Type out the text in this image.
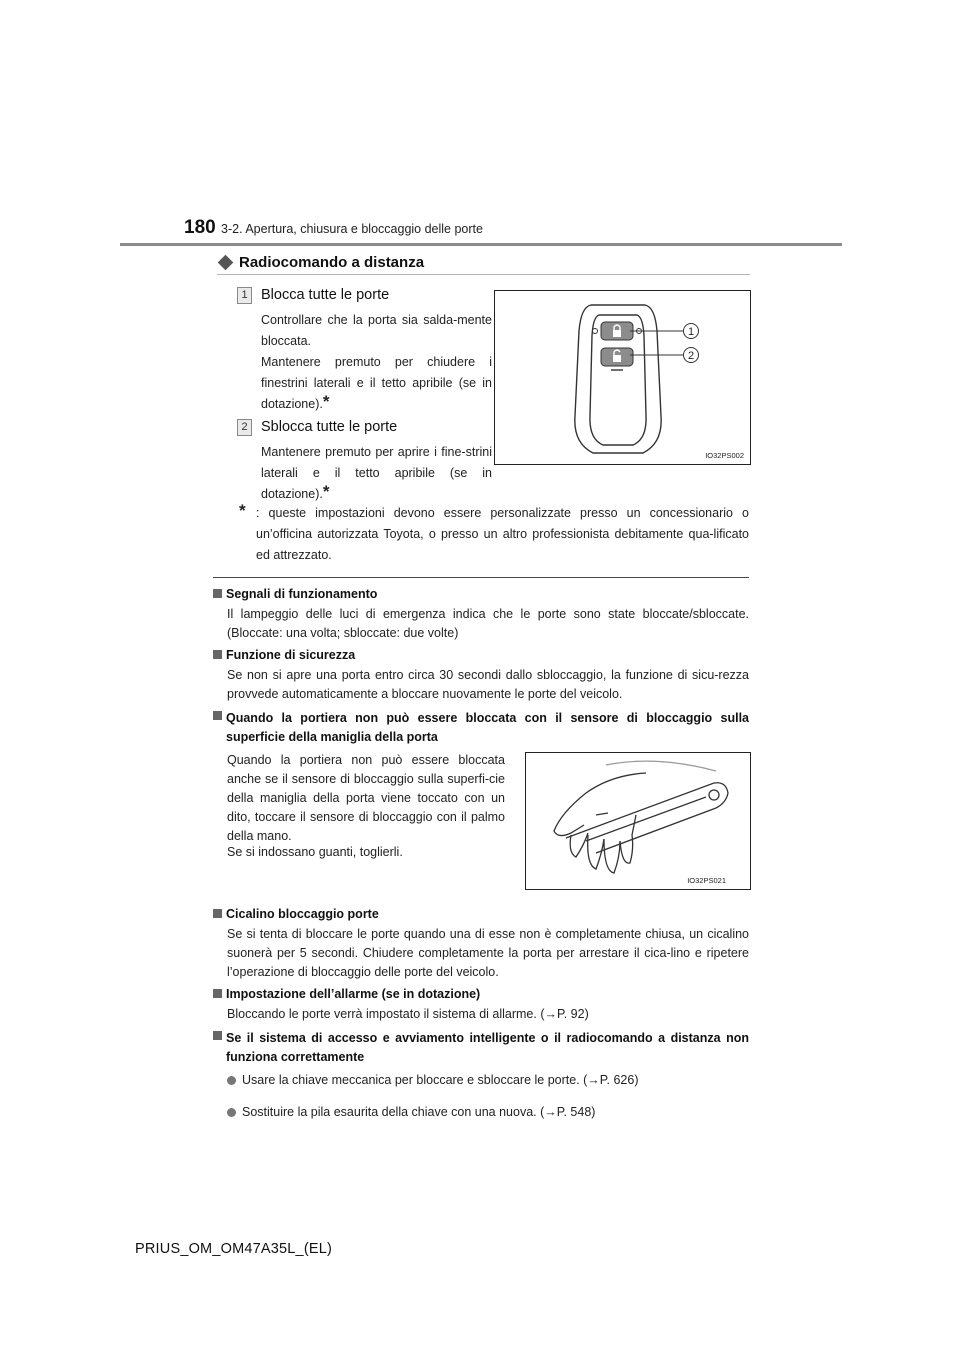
180 3-2. Apertura, chiusura e bloccaggio delle porte
Radiocomando a distanza
1 Blocca tutte le porte
Controllare che la porta sia salda-mente bloccata.
Mantenere premuto per chiudere i finestrini laterali e il tetto apribile (se in dotazione).*
2 Sblocca tutte le porte
Mantenere premuto per aprire i fine-strini laterali e il tetto apribile (se in dotazione).*
1
2
IO32PS002
* : queste impostazioni devono essere personalizzate presso un concessionario o un’officina autorizzata Toyota, o presso un altro professionista debitamente qua-lificato ed attrezzato.
Segnali di funzionamento
Il lampeggio delle luci di emergenza indica che le porte sono state bloccate/sbloccate. (Bloccate: una volta; sbloccate: due volte)
Funzione di sicurezza
Se non si apre una porta entro circa 30 secondi dallo sbloccaggio, la funzione di sicu-rezza provvede automaticamente a bloccare nuovamente le porte del veicolo.
Quando la portiera non può essere bloccata con il sensore di bloccaggio sulla superficie della maniglia della porta
Quando la portiera non può essere bloccata anche se il sensore di bloccaggio sulla superfi-cie della maniglia della porta viene toccato con un dito, toccare il sensore di bloccaggio con il palmo della mano.
Se si indossano guanti, toglierli.
IO32PS021
Cicalino bloccaggio porte
Se si tenta di bloccare le porte quando una di esse non è completamente chiusa, un cicalino suonerà per 5 secondi. Chiudere completamente la porta per arrestare il cica-lino e ripetere l’operazione di bloccaggio delle porte del veicolo.
Impostazione dell’allarme (se in dotazione)
Bloccando le porte verrà impostato il sistema di allarme. (→P. 92)
Se il sistema di accesso e avviamento intelligente o il radiocomando a distanza non funziona correttamente
Usare la chiave meccanica per bloccare e sbloccare le porte. (→P. 626)
Sostituire la pila esaurita della chiave con una nuova. (→P. 548)
PRIUS_OM_OM47A35L_(EL)
